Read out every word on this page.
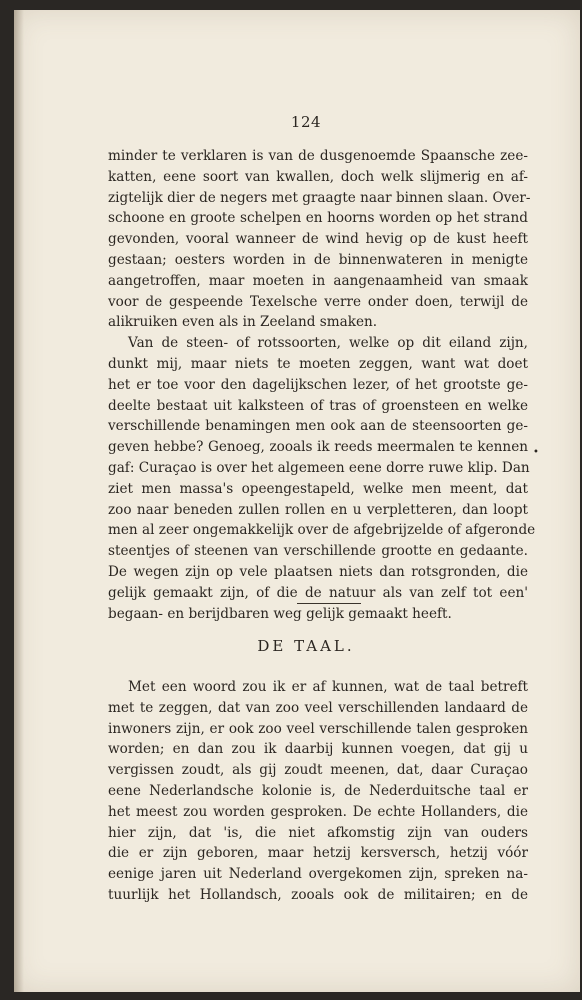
124
minder te verklaren is van de dusgenoemde Spaansche zee-
katten, eene soort van kwallen, doch welk slijmerig en af-
zigtelijk dier de negers met graagte naar binnen slaan. Over-
schoone en groote schelpen en hoorns worden op het strand
gevonden, vooral wanneer de wind hevig op de kust heeft
gestaan; oesters worden in de binnenwateren in menigte
aangetroffen, maar moeten in aangenaamheid van smaak
voor de gespeende Texelsche verre onder doen, terwijl de
alikruiken even als in Zeeland smaken.
Van de steen- of rotssoorten, welke op dit eiland zijn,
dunkt mij, maar niets te moeten zeggen, want wat doet
het er toe voor den dagelijkschen lezer, of het grootste ge-
deelte bestaat uit kalksteen of tras of groensteen en welke
verschillende benamingen men ook aan de steensoorten ge-
geven hebbe? Genoeg, zooals ik reeds meermalen te kennen
gaf: Curaçao is over het algemeen eene dorre ruwe klip. Dan
ziet men massa's opeengestapeld, welke men meent, dat
zoo naar beneden zullen rollen en u verpletteren, dan loopt
men al zeer ongemakkelijk over de afgebrijzelde of afgeronde
steentjes of steenen van verschillende grootte en gedaante.
De wegen zijn op vele plaatsen niets dan rotsgronden, die
gelijk gemaakt zijn, of die de natuur als van zelf tot een'
begaan- en berijdbaren weg gelijk gemaakt heeft.
•
DE TAAL.
Met een woord zou ik er af kunnen, wat de taal betreft
met te zeggen, dat van zoo veel verschillenden landaard de
inwoners zijn, er ook zoo veel verschillende talen gesproken
worden; en dan zou ik daarbij kunnen voegen, dat gij u
vergissen zoudt, als gij zoudt meenen, dat, daar Curaçao
eene Nederlandsche kolonie is, de Nederduitsche taal er
het meest zou worden gesproken. De echte Hollanders, die
hier zijn, dat 'is, die niet afkomstig zijn van ouders
die er zijn geboren, maar hetzij kersversch, hetzij vóór
eenige jaren uit Nederland overgekomen zijn, spreken na-
tuurlijk het Hollandsch, zooals ook de militairen; en de
